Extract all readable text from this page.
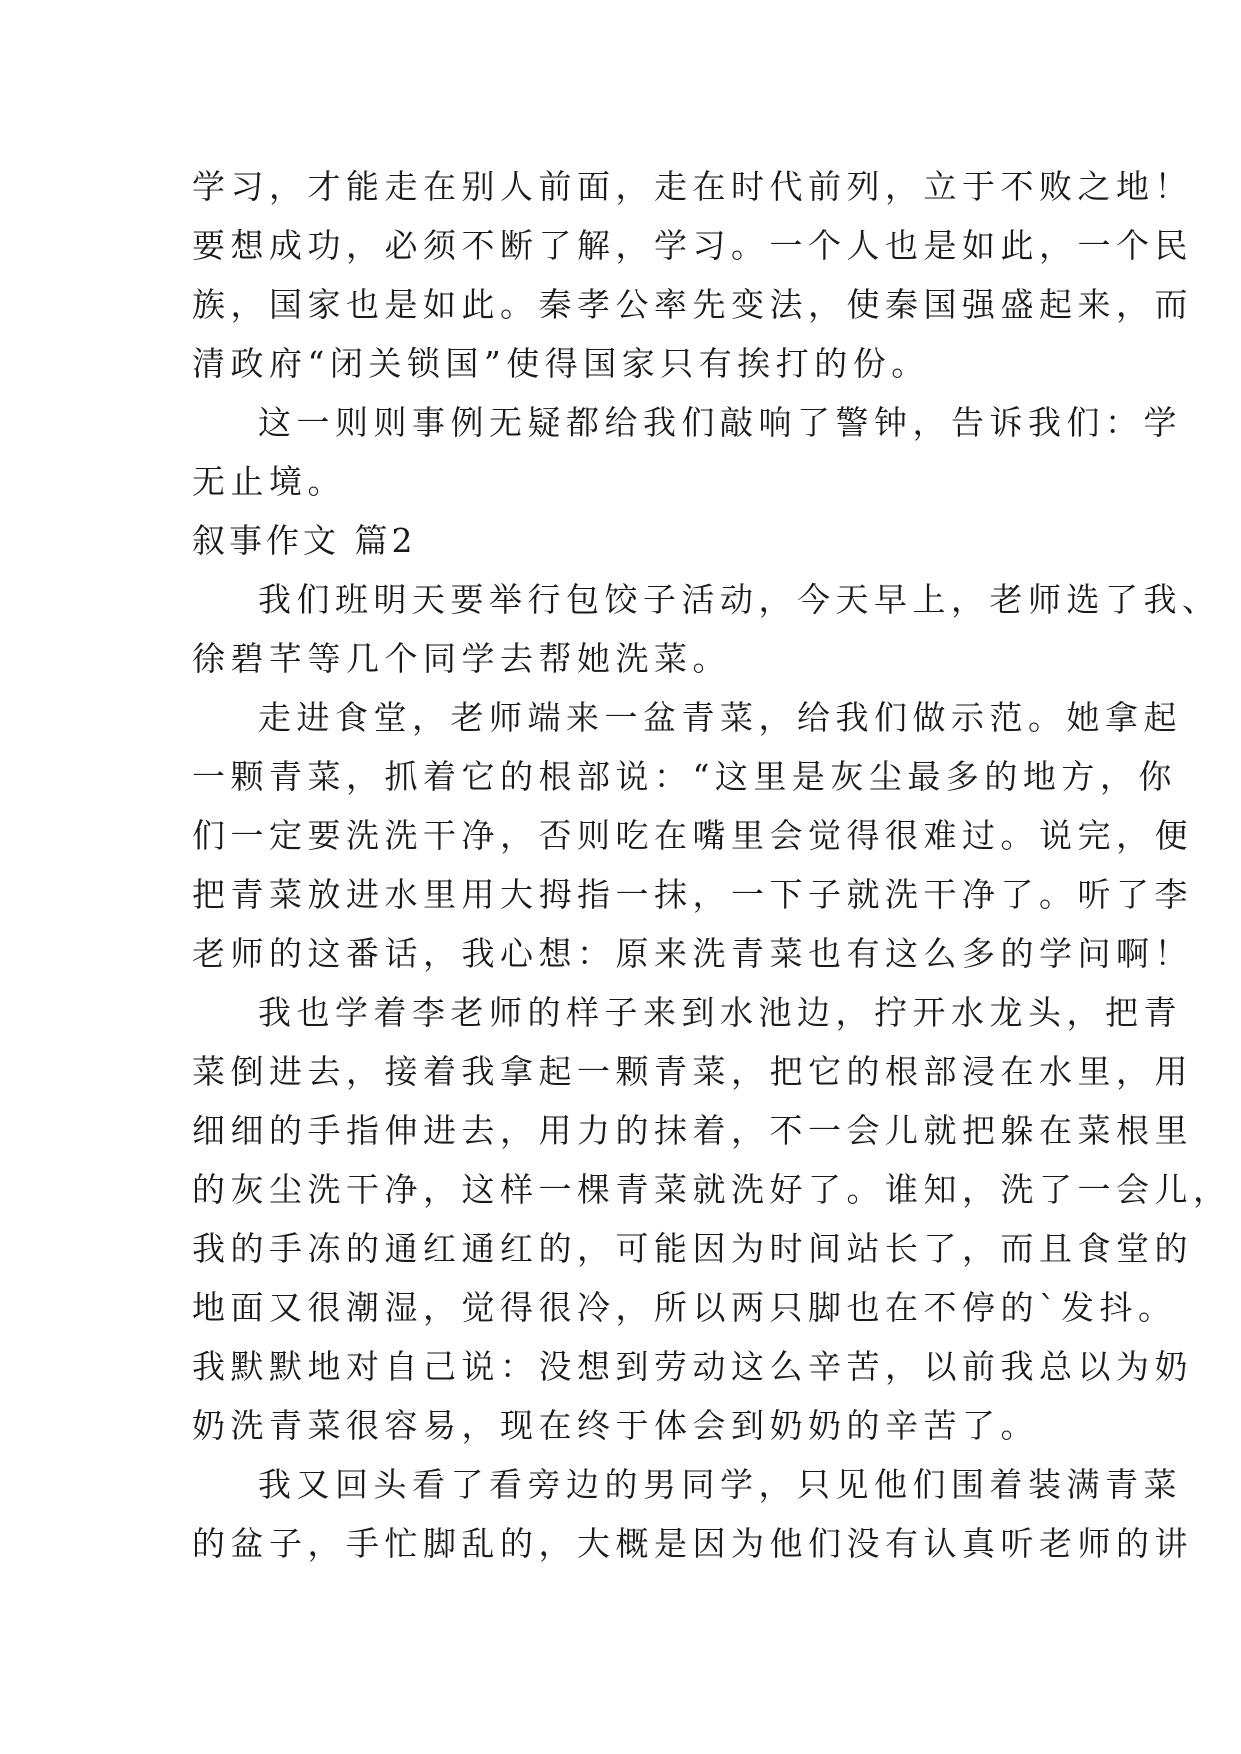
学习，才能走在别人前面，走在时代前列，立于不败之地！
要想成功，必须不断了解，学习。一个人也是如此，一个民
族，国家也是如此。秦孝公率先变法，使秦国强盛起来，而
清政府“闭关锁国”使得国家只有挨打的份。
这一则则事例无疑都给我们敲响了警钟，告诉我们：学
无止境。
叙事作文 篇2
我们班明天要举行包饺子活动，今天早上，老师选了我、
徐碧芊等几个同学去帮她洗菜。
走进食堂，老师端来一盆青菜，给我们做示范。她拿起
一颗青菜，抓着它的根部说：“这里是灰尘最多的地方，你
们一定要洗洗干净，否则吃在嘴里会觉得很难过。说完，便
把青菜放进水里用大拇指一抹，一下子就洗干净了。听了李
老师的这番话，我心想：原来洗青菜也有这么多的学问啊！
我也学着李老师的样子来到水池边，拧开水龙头，把青
菜倒进去，接着我拿起一颗青菜，把它的根部浸在水里，用
细细的手指伸进去，用力的抹着，不一会儿就把躲在菜根里
的灰尘洗干净，这样一棵青菜就洗好了。谁知，洗了一会儿，
我的手冻的通红通红的，可能因为时间站长了，而且食堂的
地面又很潮湿，觉得很冷，所以两只脚也在不停的`发抖。
我默默地对自己说：没想到劳动这么辛苦，以前我总以为奶
奶洗青菜很容易，现在终于体会到奶奶的辛苦了。
我又回头看了看旁边的男同学，只见他们围着装满青菜
的盆子，手忙脚乱的，大概是因为他们没有认真听老师的讲
